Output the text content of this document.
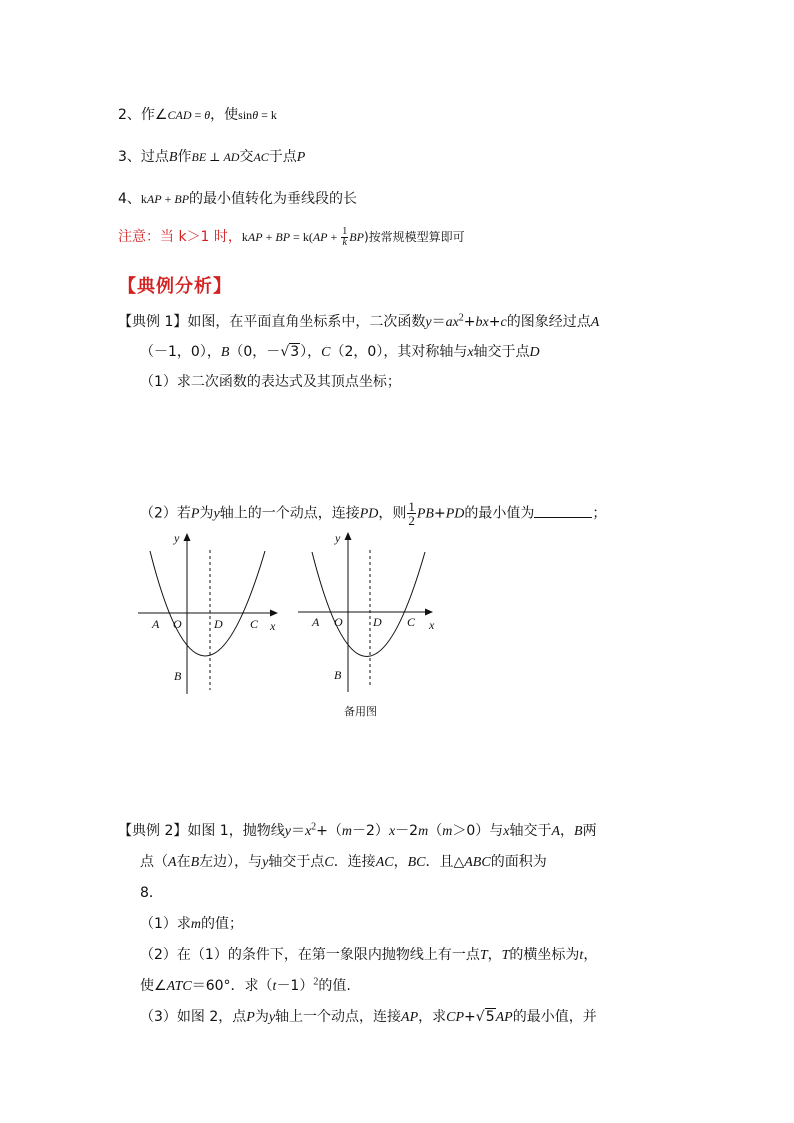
2、作∠CAD = θ，使sinθ = k
3、过点B作BE ⊥ AD交AC于点P
4、kAP + BP的最小值转化为垂线段的长
注意：当 k＞1 时，kAP + BP = $k(AP + \frac{1}{k} BP)$按常规模型算即可
【典例分析】
【典例 1】如图，在平面直角坐标系中，二次函数$y=ax^2+bx+c$的图象经过点A
（－1，0），B（0，－√3），C（2，0），其对称轴与x轴交于点D
（1）求二次函数的表达式及其顶点坐标；
（2）若P为y轴上的一个动点，连接PD，则 $\frac{1}{2} PB+PD$的最小值为	；
y
A O	D C x
B
y
A O	D C x
B
备用图
【典例 2】如图 1，抛物线$y=x^2+(m-2)x-2m(m>0)$与x轴交于A，B两
点（A在B左边），与y轴交于点C．连接AC，BC．且△ABC的面积为
8．
（1）求m的值；
（2）在（1）的条件下，在第一象限内抛物线上有一点T，T的横坐标为t，
使∠ATC＝60°．求$(t-1)^2$的值.
（3）如图 2，点P为y轴上一个动点，连接AP，求CP+√5AP的最小值，并
